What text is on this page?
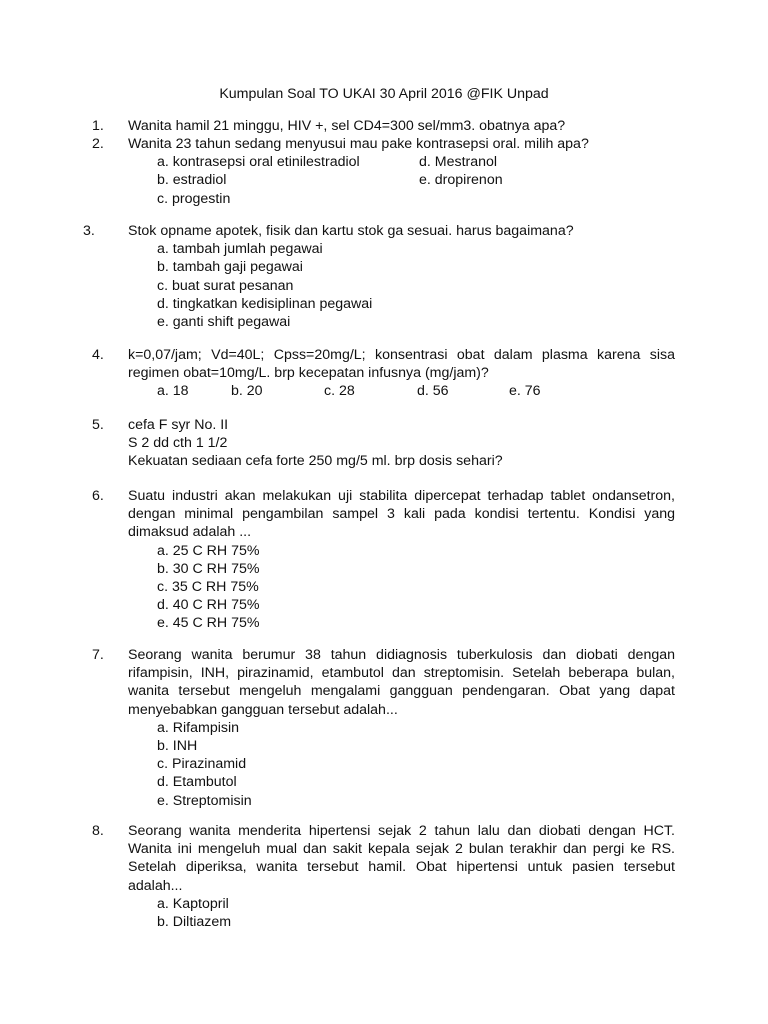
Kumpulan Soal TO UKAI 30 April 2016 @FIK Unpad
1. Wanita hamil 21 minggu, HIV +, sel CD4=300 sel/mm3. obatnya apa?
2. Wanita 23 tahun sedang menyusui mau pake kontrasepsi oral. milih apa?
a. kontrasepsi oral etinilestradiol	d. Mestranol
b. estradiol	e. dropirenon
c. progestin
3. Stok opname apotek, fisik dan kartu stok ga sesuai. harus bagaimana?
a. tambah jumlah pegawai
b. tambah gaji pegawai
c. buat surat pesanan
d. tingkatkan kedisiplinan pegawai
e. ganti shift pegawai
4. k=0,07/jam; Vd=40L; Cpss=20mg/L; konsentrasi obat dalam plasma karena sisa
regimen obat=10mg/L. brp kecepatan infusnya (mg/jam)?
a. 18	b. 20	c. 28	d. 56	e. 76
5. cefa F syr No. II
S 2 dd cth 1 1/2
Kekuatan sediaan cefa forte 250 mg/5 ml. brp dosis sehari?
6. Suatu industri akan melakukan uji stabilita dipercepat terhadap tablet ondansetron,
dengan minimal pengambilan sampel 3 kali pada kondisi tertentu. Kondisi yang
dimaksud adalah ...
a. 25 C RH 75%
b. 30 C RH 75%
c. 35 C RH 75%
d. 40 C RH 75%
e. 45 C RH 75%
7. Seorang wanita berumur 38 tahun didiagnosis tuberkulosis dan diobati dengan
rifampisin, INH, pirazinamid, etambutol dan streptomisin. Setelah beberapa bulan,
wanita tersebut mengeluh mengalami gangguan pendengaran. Obat yang dapat
menyebabkan gangguan tersebut adalah...
a. Rifampisin
b. INH
c. Pirazinamid
d. Etambutol
e. Streptomisin
8. Seorang wanita menderita hipertensi sejak 2 tahun lalu dan diobati dengan HCT.
Wanita ini mengeluh mual dan sakit kepala sejak 2 bulan terakhir dan pergi ke RS.
Setelah diperiksa, wanita tersebut hamil. Obat hipertensi untuk pasien tersebut
adalah...
a. Kaptopril
b. Diltiazem
